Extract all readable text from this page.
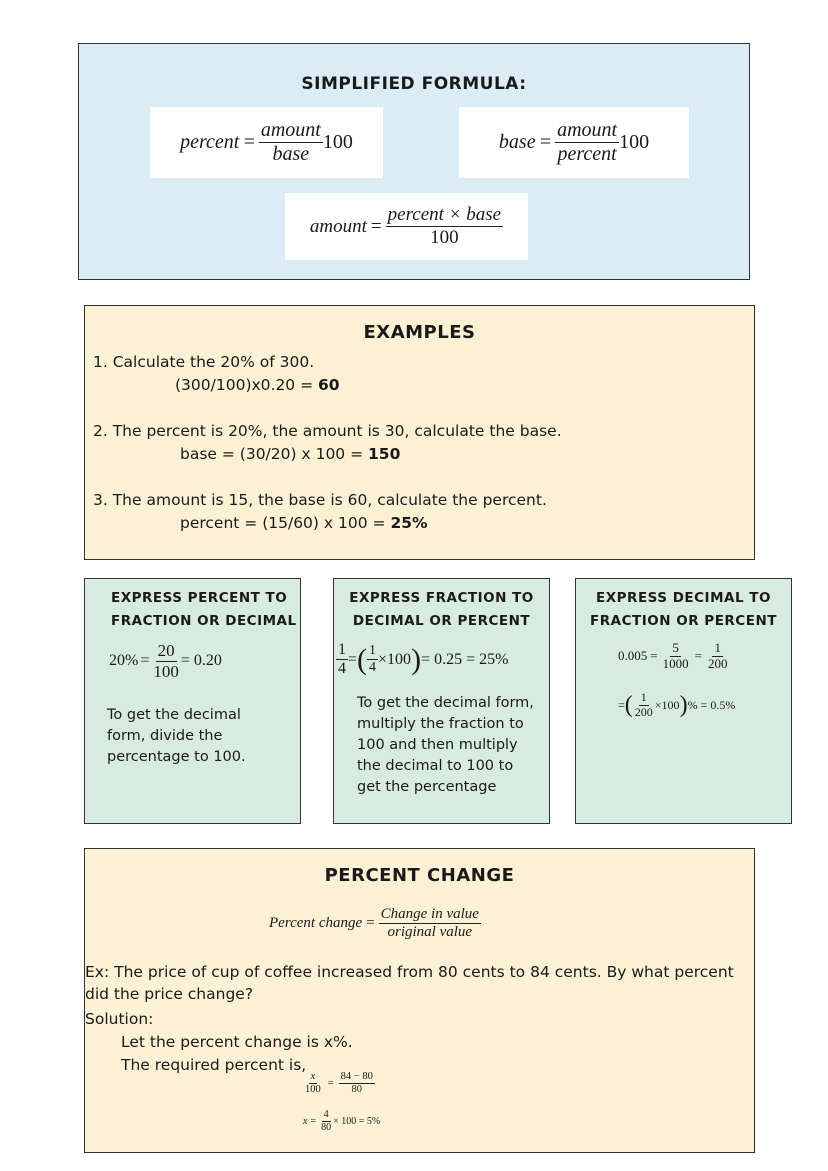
SIMPLIFIED FORMULA:
percent = $\frac{\text{amount}}{\text{base}} 100$	base = $\frac{\text{amount}}{\text{percent}} 100$
amount = $\frac{\text{percent × base}}{100}$
EXAMPLES
1. Calculate the 20% of 300.
(300/100)x0.20 = 60
2. The percent is 20%, the amount is 30, calculate the base.
base = (30/20) x 100 = 150
3. The amount is 15, the base is 60, calculate the percent.
percent = (15/60) x 100 = 25%
EXPRESS PERCENT TO
FRACTION OR DECIMAL
$20\% = \frac{20}{100} = 0.20$
To get the decimal form, divide the percentage to 100.
EXPRESS FRACTION TO
DECIMAL OR PERCENT
$\frac{1}{4}$ = ( $\frac{1}{4} \times 100$ ) = 0.25 = 25%
To get the decimal form, multiply the fraction to 100 and then multiply the decimal to 100 to get the percentage
EXPRESS DECIMAL TO
FRACTION OR PERCENT
$0.005 = \frac{5}{1000} = \frac{1}{200}$
= ( $\frac{1}{200} \times 100$ ) % = 0.5%
PERCENT CHANGE
Percent change = $\frac{\text{Change in value}}{\text{original value}}$
Ex: The price of cup of coffee increased from 80 cents to 84 cents. By what percent did the price change?
Solution:
Let the percent change is x%.
The required percent is,
$\frac{x}{100} = \frac{84 - 80}{80}$
$x = \frac{4}{80} \times 100 = 5\%$
